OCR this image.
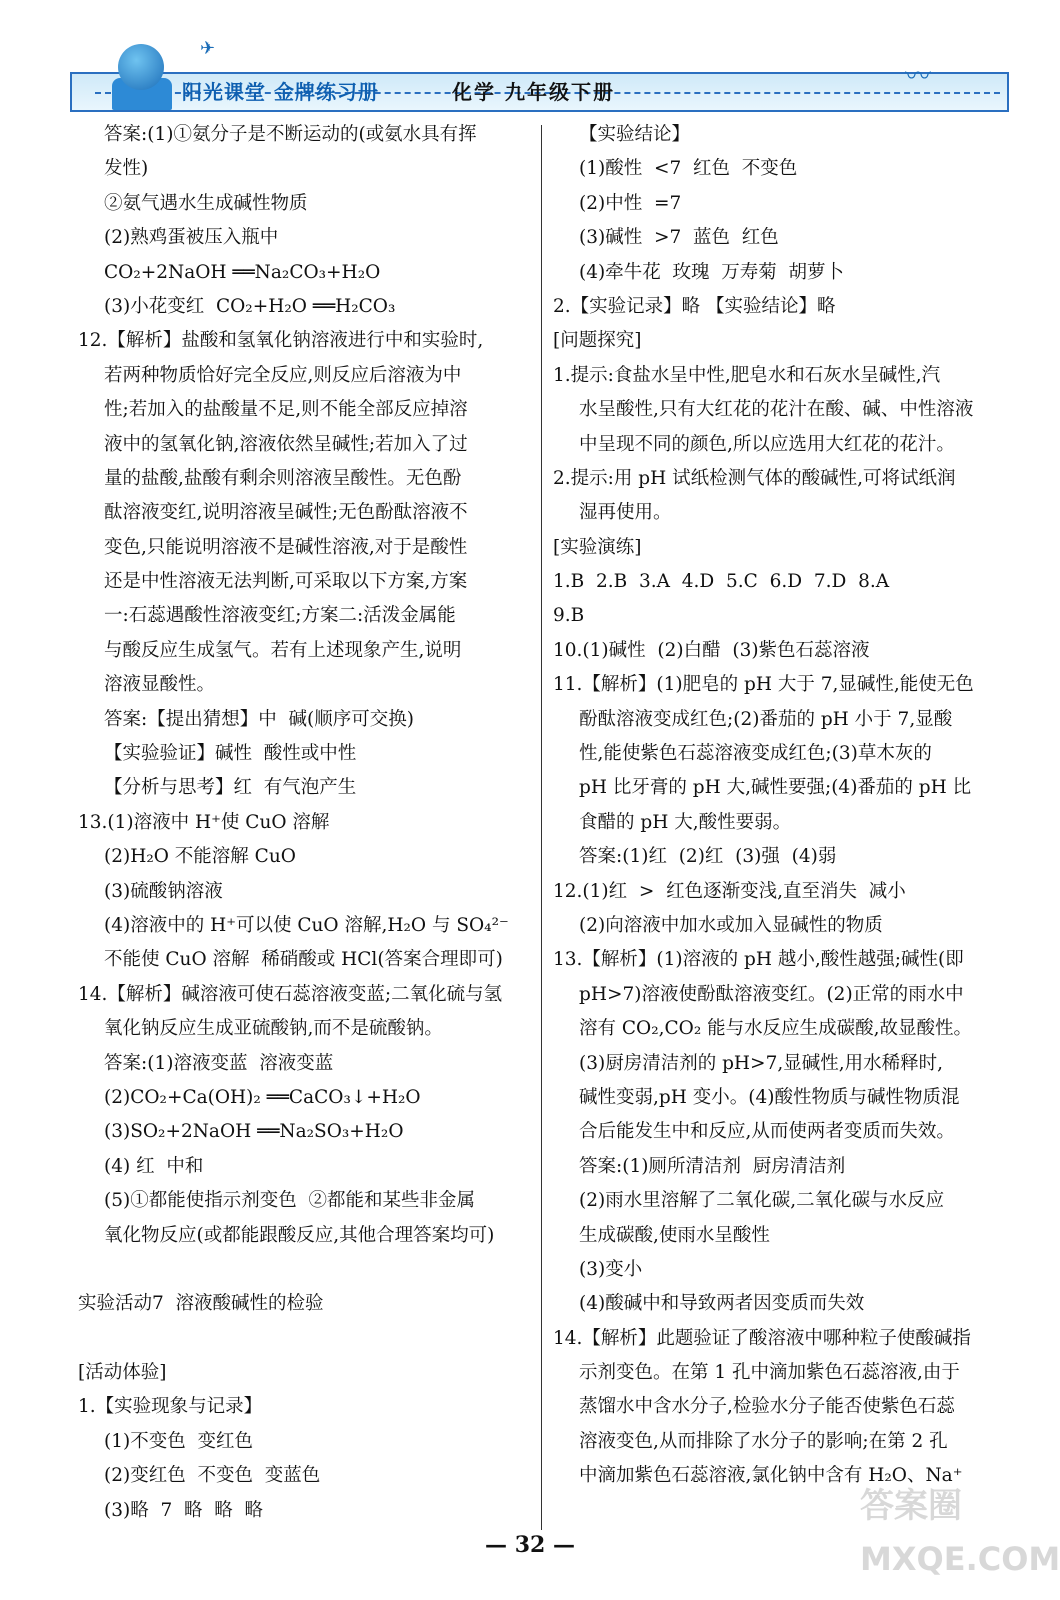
✈
阳光课堂 金牌练习册	化学 九年级下册	〰
答案:(1)①氨分子是不断运动的(或氨水具有挥
发性)
②氨气遇水生成碱性物质
(2)熟鸡蛋被压入瓶中
CO₂+2NaOH ══Na₂CO₃+H₂O
(3)小花变红  CO₂+H₂O ══H₂CO₃
12.【解析】盐酸和氢氧化钠溶液进行中和实验时,
若两种物质恰好完全反应,则反应后溶液为中
性;若加入的盐酸量不足,则不能全部反应掉溶
液中的氢氧化钠,溶液依然呈碱性;若加入了过
量的盐酸,盐酸有剩余则溶液呈酸性。无色酚
酞溶液变红,说明溶液呈碱性;无色酚酞溶液不
变色,只能说明溶液不是碱性溶液,对于是酸性
还是中性溶液无法判断,可采取以下方案,方案
一:石蕊遇酸性溶液变红;方案二:活泼金属能
与酸反应生成氢气。若有上述现象产生,说明
溶液显酸性。
答案:【提出猜想】中  碱(顺序可交换)
【实验验证】碱性  酸性或中性
【分析与思考】红  有气泡产生
13.(1)溶液中 H⁺使 CuO 溶解
(2)H₂O 不能溶解 CuO
(3)硫酸钠溶液
(4)溶液中的 H⁺可以使 CuO 溶解,H₂O 与 SO₄²⁻
不能使 CuO 溶解  稀硝酸或 HCl(答案合理即可)
14.【解析】碱溶液可使石蕊溶液变蓝;二氧化硫与氢
氧化钠反应生成亚硫酸钠,而不是硫酸钠。
答案:(1)溶液变蓝  溶液变蓝
(2)CO₂+Ca(OH)₂ ══CaCO₃↓+H₂O
(3)SO₂+2NaOH ══Na₂SO₃+H₂O
(4) 红  中和
(5)①都能使指示剂变色  ②都能和某些非金属
氧化物反应(或都能跟酸反应,其他合理答案均可)
实验活动7  溶液酸碱性的检验
[活动体验]
1.【实验现象与记录】
(1)不变色  变红色
(2)变红色  不变色  变蓝色
(3)略  7  略  略  略
【实验结论】
(1)酸性  <7  红色  不变色
(2)中性  =7
(3)碱性  >7  蓝色  红色
(4)牵牛花  玫瑰  万寿菊  胡萝卜
2.【实验记录】略 【实验结论】略
[问题探究]
1.提示:食盐水呈中性,肥皂水和石灰水呈碱性,汽
水呈酸性,只有大红花的花汁在酸、碱、中性溶液
中呈现不同的颜色,所以应选用大红花的花汁。
2.提示:用 pH 试纸检测气体的酸碱性,可将试纸润
湿再使用。
[实验演练]
1.B  2.B  3.A  4.D  5.C  6.D  7.D  8.A
9.B
10.(1)碱性  (2)白醋  (3)紫色石蕊溶液
11.【解析】(1)肥皂的 pH 大于 7,显碱性,能使无色
酚酞溶液变成红色;(2)番茄的 pH 小于 7,显酸
性,能使紫色石蕊溶液变成红色;(3)草木灰的
pH 比牙膏的 pH 大,碱性要强;(4)番茄的 pH 比
食醋的 pH 大,酸性要弱。
答案:(1)红  (2)红  (3)强  (4)弱
12.(1)红  >  红色逐渐变浅,直至消失  减小
(2)向溶液中加水或加入显碱性的物质
13.【解析】(1)溶液的 pH 越小,酸性越强;碱性(即
pH>7)溶液使酚酞溶液变红。(2)正常的雨水中
溶有 CO₂,CO₂ 能与水反应生成碳酸,故显酸性。
(3)厨房清洁剂的 pH>7,显碱性,用水稀释时,
碱性变弱,pH 变小。(4)酸性物质与碱性物质混
合后能发生中和反应,从而使两者变质而失效。
答案:(1)厕所清洁剂  厨房清洁剂
(2)雨水里溶解了二氧化碳,二氧化碳与水反应
生成碳酸,使雨水呈酸性
(3)变小
(4)酸碱中和导致两者因变质而失效
14.【解析】此题验证了酸溶液中哪种粒子使酸碱指
示剂变色。在第 1 孔中滴加紫色石蕊溶液,由于
蒸馏水中含水分子,检验水分子能否使紫色石蕊
溶液变色,从而排除了水分子的影响;在第 2 孔
中滴加紫色石蕊溶液,氯化钠中含有 H₂O、Na⁺
— 32 —
答案圈
MXQE.COM
